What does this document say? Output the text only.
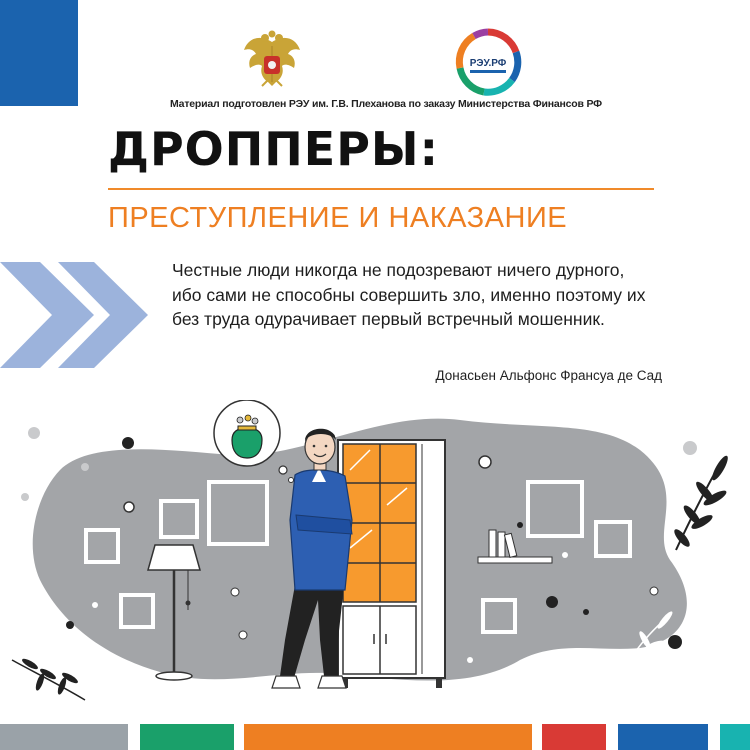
РЭУ.РФ
Материал подготовлен РЭУ им. Г.В. Плеханова по заказу Министерства Финансов РФ
ДРОППЕРЫ:
ПРЕСТУПЛЕНИЕ И НАКАЗАНИЕ
Честные люди никогда не подозревают ничего дурного, ибо сами не способны совершить зло, именно поэтому их без труда одурачивает первый встречный мошенник.
Донасьен Альфонс Франсуа де Сад
